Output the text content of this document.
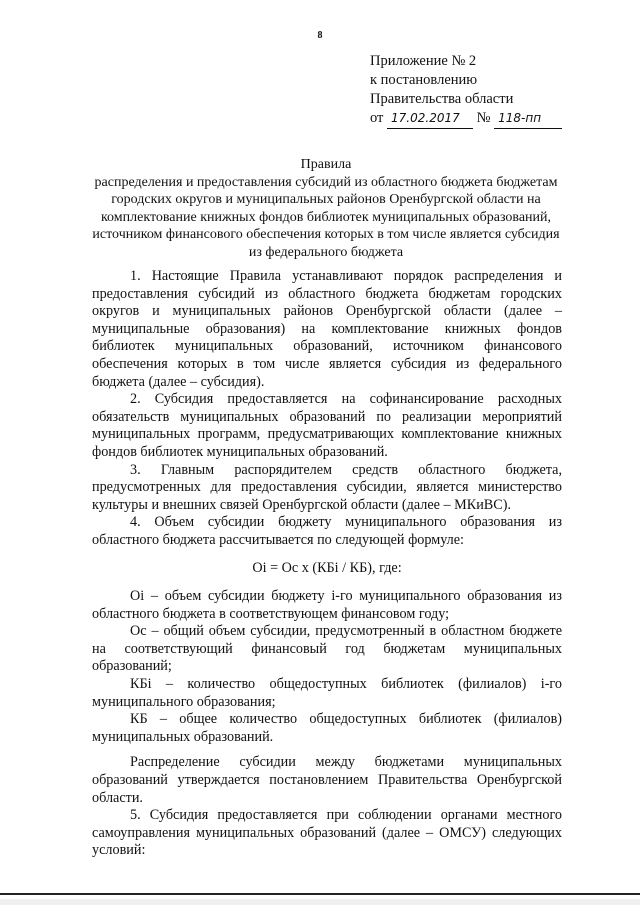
8
Приложение № 2
к постановлению
Правительства области
от 17.02.2017 № 118-пп
Правила
распределения и предоставления субсидий из областного бюджета бюджетам городских округов и муниципальных районов Оренбургской области на комплектование книжных фондов библиотек муниципальных образований, источником финансового обеспечения которых в том числе является субсидия из федерального бюджета

1. Настоящие Правила устанавливают порядок распределения и предоставления субсидий из областного бюджета бюджетам городских округов и муниципальных районов Оренбургской области (далее – муниципальные образования) на комплектование книжных фондов библиотек муниципальных образований, источником финансового обеспечения которых в том числе является субсидия из федерального бюджета (далее – субсидия).

2. Субсидия предоставляется на софинансирование расходных обязательств муниципальных образований по реализации мероприятий муниципальных программ, предусматривающих комплектование книжных фондов библиотек муниципальных образований.

3. Главным распорядителем средств областного бюджета, предусмотренных для предоставления субсидии, является министерство культуры и внешних связей Оренбургской области (далее – МКиВС).

4. Объем субсидии бюджету муниципального образования из областного бюджета рассчитывается по следующей формуле:

Оi = Ос х (КБi / КБ), где:

Оi – объем субсидии бюджету i-го муниципального образования из областного бюджета в соответствующем финансовом году;

Ос – общий объем субсидии, предусмотренный в областном бюджете на соответствующий финансовый год бюджетам муниципальных образований;

КБi – количество общедоступных библиотек (филиалов) i-го муниципального образования;

КБ – общее количество общедоступных библиотек (филиалов) муниципальных образований.

Распределение субсидии между бюджетами муниципальных образований утверждается постановлением Правительства Оренбургской области.

5. Субсидия предоставляется при соблюдении органами местного самоуправления муниципальных образований (далее – ОМСУ) следующих условий:
